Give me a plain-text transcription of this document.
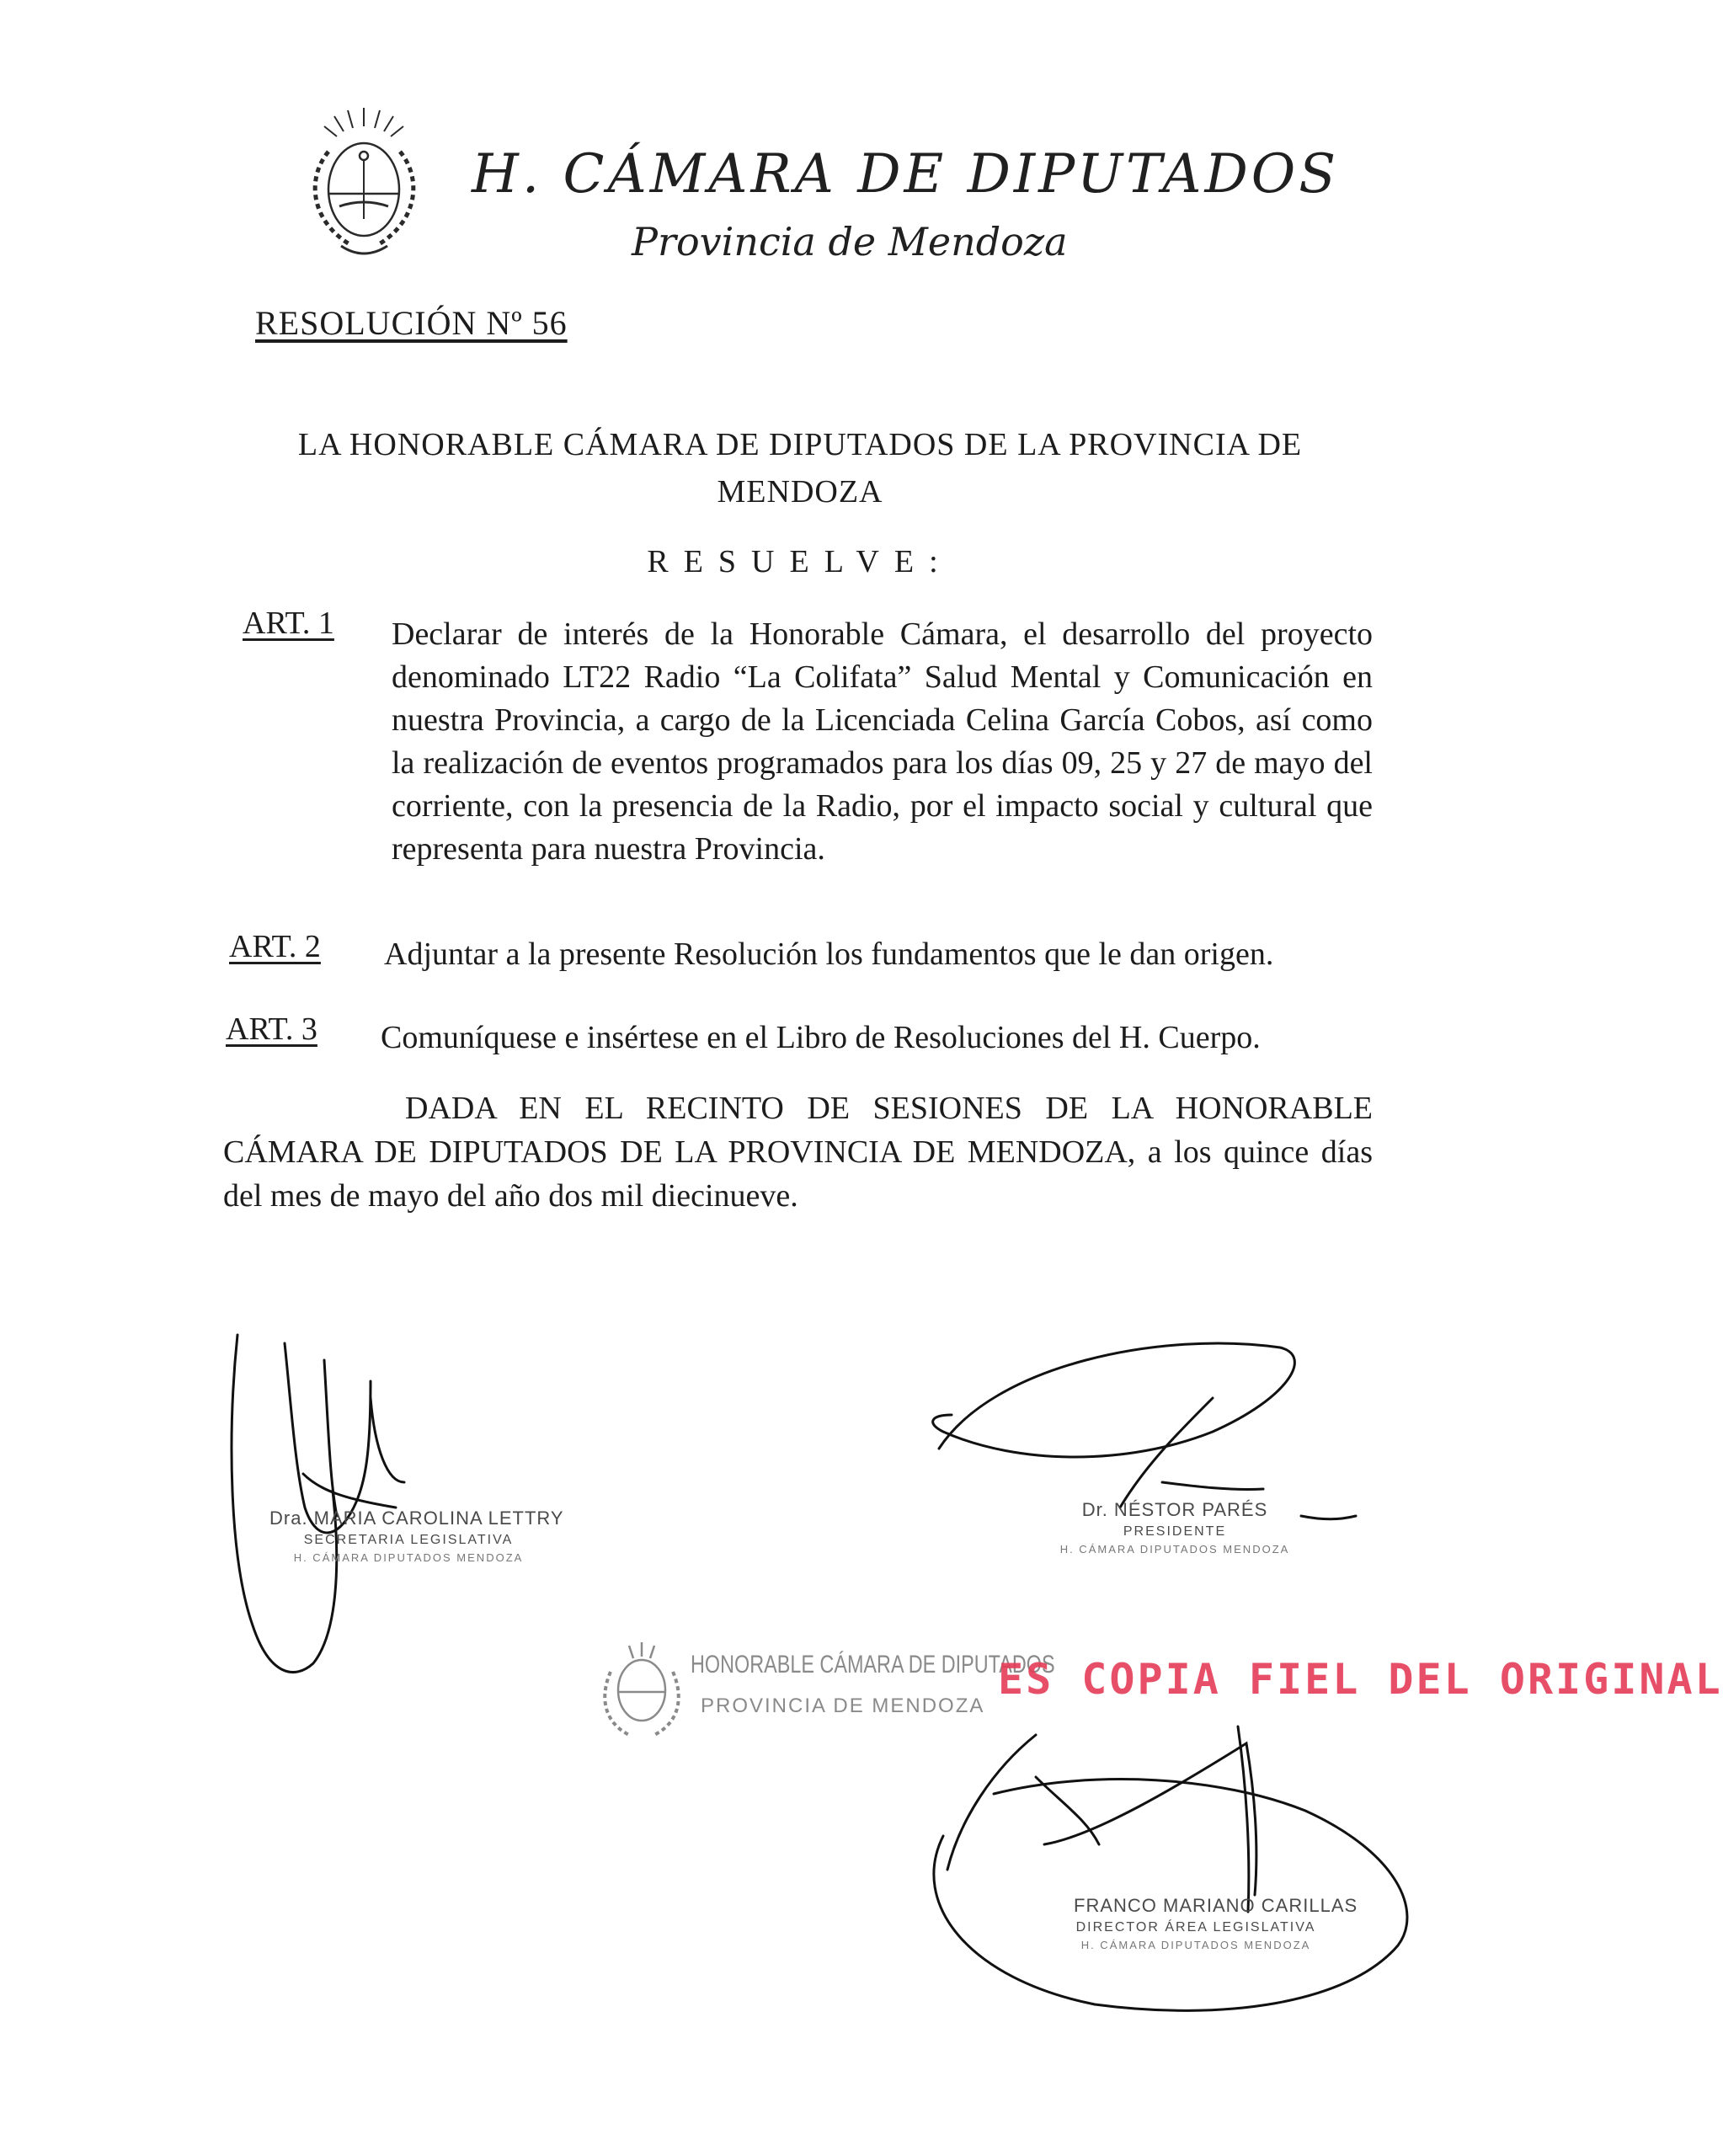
H. CÁMARA DE DIPUTADOS
Provincia de Mendoza
RESOLUCIÓN Nº 56
LA HONORABLE CÁMARA DE DIPUTADOS DE LA PROVINCIA DE
MENDOZA
RESUELVE:
ART. 1 Declarar de interés de la Honorable Cámara, el desarrollo del proyecto denominado LT22 Radio “La Colifata” Salud Mental y Comunicación en nuestra Provincia, a cargo de la Licenciada Celina García Cobos, así como la realización de eventos programados para los días 09, 25 y 27 de mayo del corriente, con la presencia de la Radio, por el impacto social y cultural que representa para nuestra Provincia.
ART. 2 Adjuntar a la presente Resolución los fundamentos que le dan origen.
ART. 3 Comuníquese e insértese en el Libro de Resoluciones del H. Cuerpo.
DADA EN EL RECINTO DE SESIONES DE LA HONORABLE CÁMARA DE DIPUTADOS DE LA PROVINCIA DE MENDOZA, a los quince días del mes de mayo del año dos mil diecinueve.
Dra. MARIA CAROLINA LETTRY
SECRETARIA LEGISLATIVA
H. CÁMARA DIPUTADOS MENDOZA
Dr. NÉSTOR PARÉS
PRESIDENTE
H. CÁMARA DIPUTADOS MENDOZA
FRANCO MARIANO CARILLAS
DIRECTOR ÁREA LEGISLATIVA
H. CÁMARA DIPUTADOS MENDOZA
HONORABLE CÁMARA DE DIPUTADOS
PROVINCIA DE MENDOZA
ES COPIA FIEL DEL ORIGINAL
